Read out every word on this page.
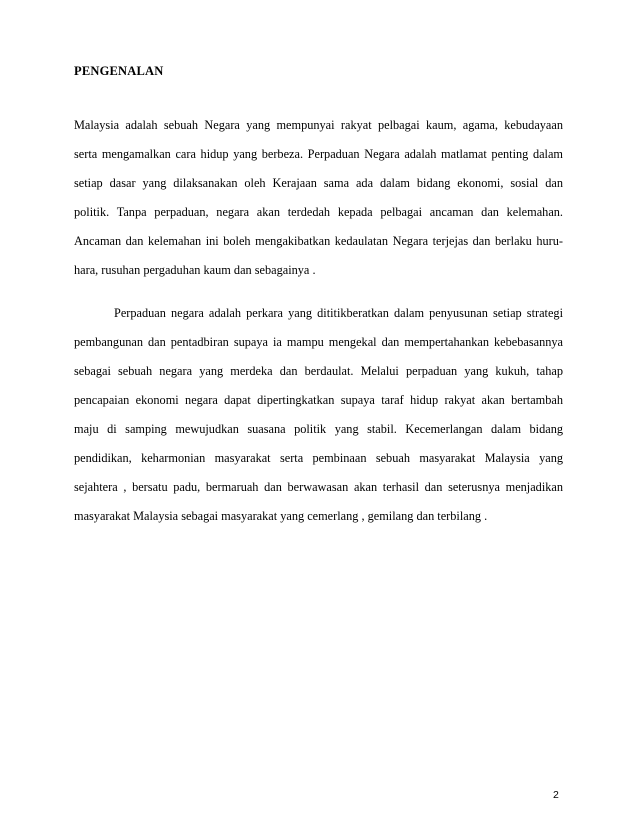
PENGENALAN
Malaysia adalah sebuah Negara yang mempunyai rakyat pelbagai kaum, agama, kebudayaan
serta mengamalkan cara hidup yang berbeza. Perpaduan Negara adalah matlamat penting dalam
setiap dasar yang dilaksanakan oleh Kerajaan sama ada dalam bidang ekonomi, sosial dan
politik. Tanpa perpaduan, negara akan terdedah kepada pelbagai ancaman dan kelemahan.
Ancaman dan kelemahan ini boleh mengakibatkan kedaulatan Negara terjejas dan berlaku huru-
hara, rusuhan pergaduhan kaum dan sebagainya .
Perpaduan negara adalah perkara yang dititikberatkan dalam penyusunan setiap strategi
pembangunan dan pentadbiran supaya ia mampu mengekal dan mempertahankan kebebasannya
sebagai sebuah negara yang merdeka dan berdaulat. Melalui perpaduan yang kukuh, tahap
pencapaian ekonomi negara dapat dipertingkatkan supaya taraf hidup rakyat akan bertambah
maju di samping mewujudkan suasana politik yang stabil. Kecemerlangan dalam bidang
pendidikan, keharmonian masyarakat serta pembinaan sebuah masyarakat Malaysia yang
sejahtera , bersatu padu, bermaruah dan berwawasan akan terhasil dan seterusnya menjadikan
masyarakat Malaysia sebagai masyarakat yang cemerlang , gemilang dan terbilang .
2
